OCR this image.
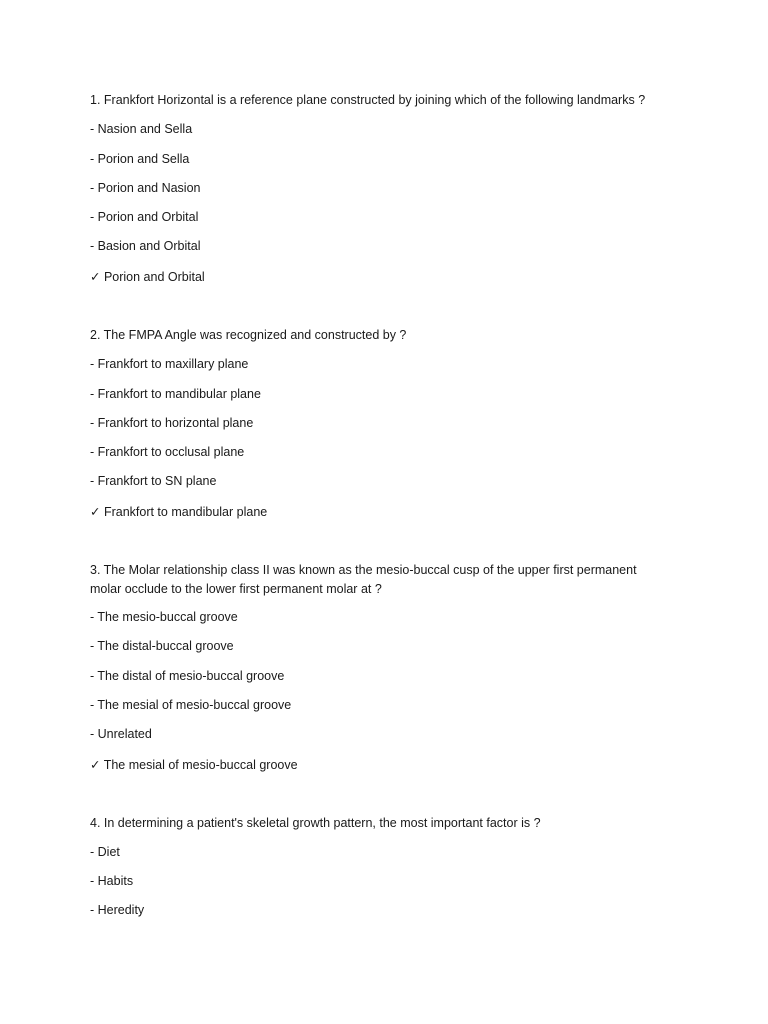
1. Frankfort Horizontal is a reference plane constructed by joining which of the following landmarks ?
- Nasion and Sella
- Porion and Sella
- Porion and Nasion
- Porion and Orbital
- Basion and Orbital
✓ Porion and Orbital
2. The FMPA Angle was recognized and constructed by ?
- Frankfort to maxillary plane
- Frankfort to mandibular plane
- Frankfort to horizontal plane
- Frankfort to occlusal plane
- Frankfort to SN plane
✓ Frankfort to mandibular plane
3. The Molar relationship class II was known as the mesio-buccal cusp of the upper first permanent
molar occlude to the lower first permanent molar at ?
- The mesio-buccal groove
- The distal-buccal groove
- The distal of mesio-buccal groove
- The mesial of mesio-buccal groove
- Unrelated
✓ The mesial of mesio-buccal groove
4. In determining a patient's skeletal growth pattern, the most important factor is ?
- Diet
- Habits
- Heredity
